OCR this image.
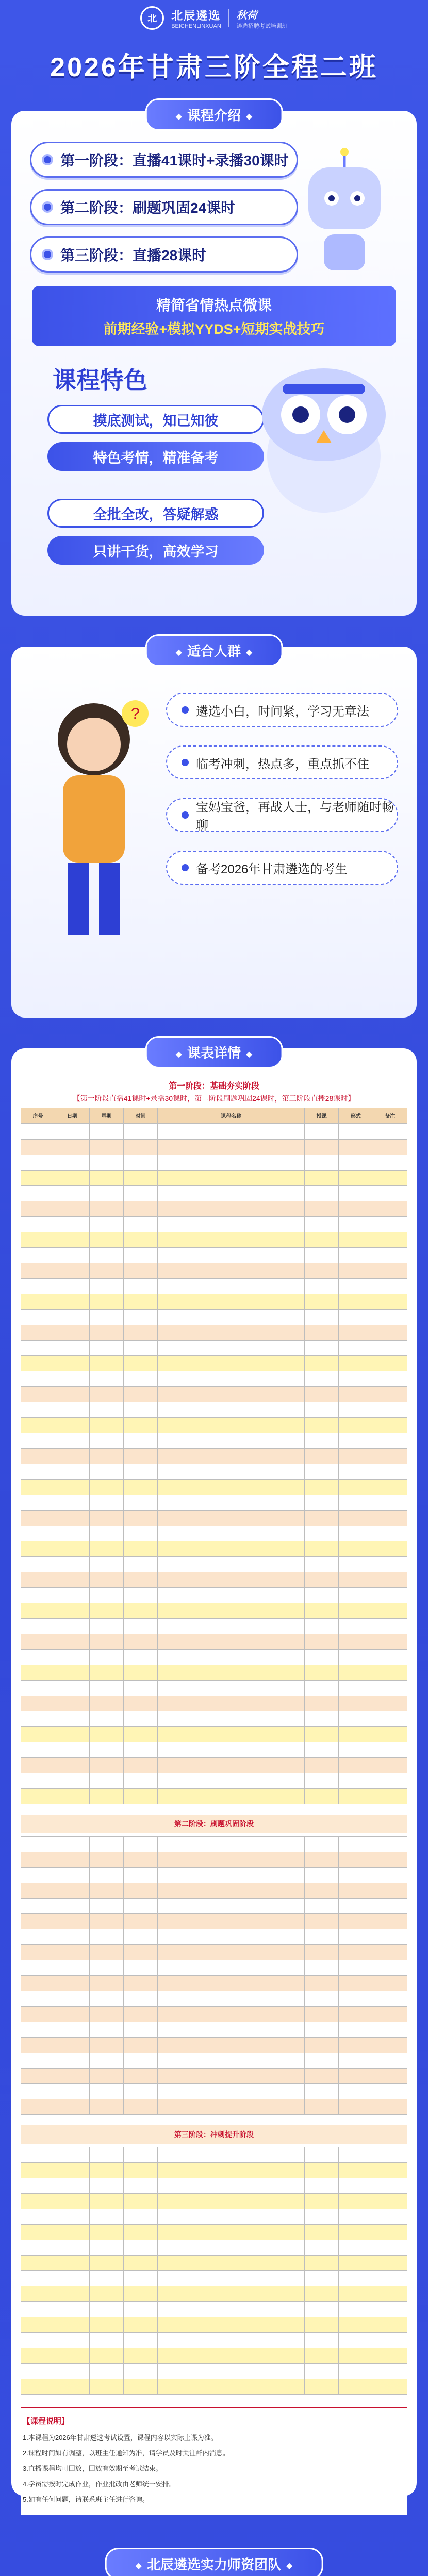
北	北辰遴选
BEICHENLINXUAN
秋荷
遴选招聘考试培训班
2026年甘肃三阶全程二班
◆ 课程介绍 ◆
第一阶段：直播41课时+录播30课时
第二阶段：刷题巩固24课时
第三阶段：直播28课时
精简省情热点微课
前期经验+模拟YYDS+短期实战技巧
课程特色
摸底测试，知己知彼
特色考情，精准备考
全批全改，答疑解惑
只讲干货，高效学习
◆ 适合人群 ◆
?	遴选小白，时间紧，学习无章法
临考冲刺，热点多，重点抓不住
宝妈宝爸，再战人士，与老师随时畅聊
备考2026年甘肃遴选的考生
◆ 课表详情 ◆
第一阶段：基础夯实阶段
【第一阶段直播41课时+录播30课时，第二阶段刷题巩固24课时，第三阶段直播28课时】
序号	日期	星期	时间	课程名称	授课	形式	备注

第二阶段：刷题巩固阶段

第三阶段：冲刺提升阶段

【课程说明】

1.本课程为2026年甘肃遴选考试设置，课程内容以实际上课为准。

2.课程时间如有调整，以班主任通知为准，请学员及时关注群内消息。

3.直播课程均可回放，回放有效期至考试结束。

4.学员需按时完成作业，作业批改由老师统一安排。

5.如有任何问题，请联系班主任进行咨询。

◆ 北辰遴选实力师资团队 ◆
